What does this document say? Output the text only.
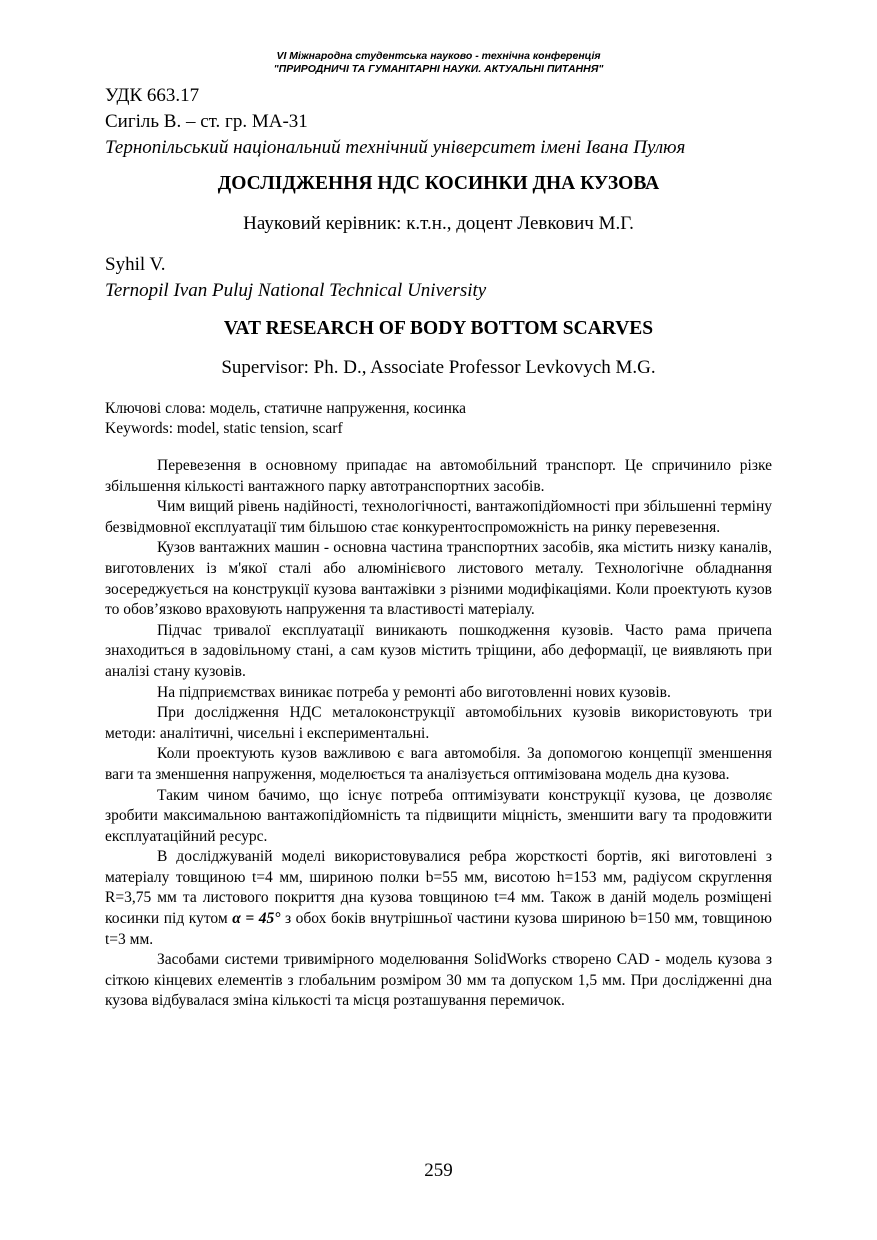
VI Міжнародна студентська науково - технічна конференція
"ПРИРОДНИЧІ ТА ГУМАНІТАРНІ НАУКИ. АКТУАЛЬНІ ПИТАННЯ"
УДК 663.17
Сигіль В. – ст. гр. МА-31
Тернопільський національний технічний університет імені Івана Пулюя
ДОСЛІДЖЕННЯ НДС КОСИНКИ ДНА КУЗОВА
Науковий керівник: к.т.н., доцент Левкович М.Г.
Syhil V.
Ternopil Ivan Puluj National Technical University
VAT RESEARCH OF BODY BOTTOM SCARVES
Supervisor: Ph. D., Associate Professor Levkovych M.G.
Ключові слова: модель, статичне напруження, косинка
Keywords: model, static tension, scarf

Перевезення в основному припадає на автомобільний транспорт. Це спричинило різке збільшення кількості вантажного парку автотранспортних засобів.

Чим вищий рівень надійності, технологічності, вантажопідйомності при збільшенні терміну безвідмовної експлуатації тим більшою стає конкурентоспроможність на ринку перевезення.

Кузов вантажних машин - основна частина транспортних засобів, яка містить низку каналів, виготовлених із м'якої сталі або алюмінієвого листового металу. Технологічне обладнання зосереджується на конструкції кузова вантажівки з різними модифікаціями. Коли проектують кузов то обов’язково враховують напруження та властивості матеріалу.

Підчас тривалої експлуатації виникають пошкодження кузовів. Часто рама причепа знаходиться в задовільному стані, а сам кузов містить тріщини, або деформації, це виявляють при аналізі стану кузовів.

На підприємствах виникає потреба у ремонті або виготовленні нових кузовів.

При дослідження НДС металоконструкції автомобільних кузовів використовують три методи: аналітичні, чисельні і експериментальні.

Коли проектують кузов важливою є вага автомобіля. За допомогою концепції зменшення ваги та зменшення напруження, моделюється та аналізується оптимізована модель дна кузова.

Таким чином бачимо, що існує потреба оптимізувати конструкції кузова, це дозволяє зробити максимальною вантажопідйомність та підвищити міцність, зменшити вагу та продовжити експлуатаційний ресурс.

В досліджуваній моделі використовувалися ребра жорсткості бортів, які виготовлені з матеріалу товщиною t=4 мм, шириною полки b=55 мм, висотою h=153 мм, радіусом скруглення R=3,75 мм та листового покриття дна кузова товщиною t=4 мм. Також в даній модель розміщені косинки під кутом α = 45° з обох боків внутрішньої частини кузова шириною b=150 мм, товщиною t=3 мм.

Засобами системи тривимірного моделювання SolidWorks створено CAD - модель кузова з сіткою кінцевих елементів з глобальним розміром 30 мм та допуском 1,5 мм. При дослідженні дна кузова відбувалася зміна кількості та місця розташування перемичок.

259
